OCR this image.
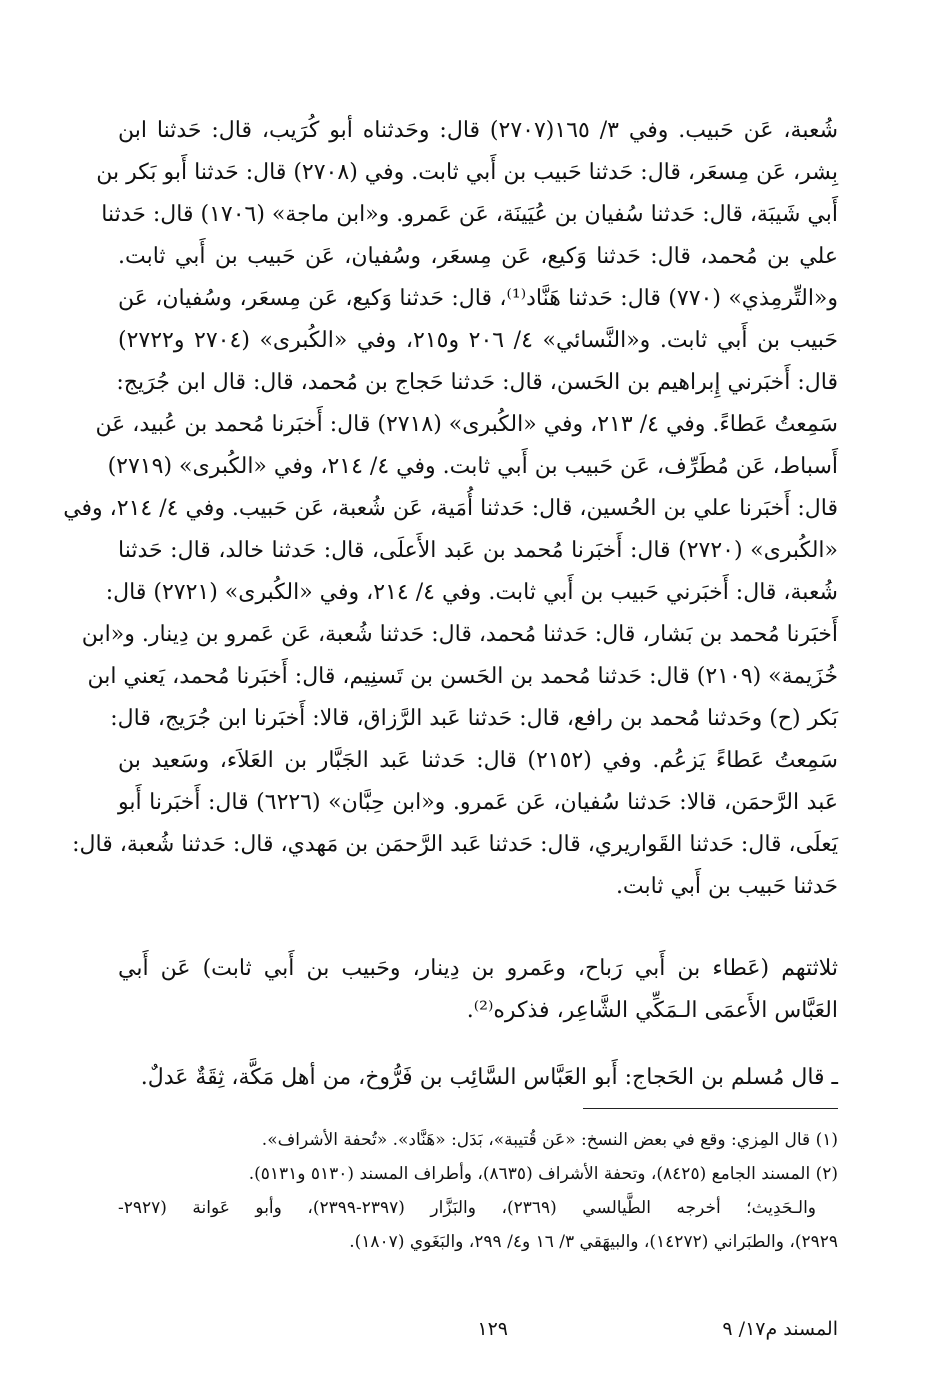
شُعبة، عَن حَبيب. وفي ٣/ ١٦٥(٢٧٠٧) قال: وحَدثناه أبو كُرَيب، قال: حَدثنا ابن
بِشر، عَن مِسعَر، قال: حَدثنا حَبيب بن أَبي ثابت. وفي (٢٧٠٨) قال: حَدثنا أَبو بَكر بن
أَبي شَيبَة، قال: حَدثنا سُفيان بن عُيَينَة، عَن عَمرو. و«ابن ماجة» (١٧٠٦) قال: حَدثنا
علي بن مُحمد، قال: حَدثنا وَكيع، عَن مِسعَر، وسُفيان، عَن حَبيب بن أَبي ثابت.
و«التِّرمِذي» (٧٧٠) قال: حَدثنا هَنَّاد⁽¹⁾، قال: حَدثنا وَكيع، عَن مِسعَر، وسُفيان، عَن
حَبيب بن أَبي ثابت. و«النَّسائي» ٤/ ٢٠٦ و٢١٥، وفي «الكُبرى» (٢٧٠٤ و٢٧٢٢)
قال: أَخبَرني إِبراهيم بن الحَسن، قال: حَدثنا حَجاج بن مُحمد، قال: قال ابن جُرَيج:
سَمِعتُ عَطاءً. وفي ٤/ ٢١٣، وفي «الكُبرى» (٢٧١٨) قال: أَخبَرنا مُحمد بن عُبيد، عَن
أَسباط، عَن مُطَرِّف، عَن حَبيب بن أَبي ثابت. وفي ٤/ ٢١٤، وفي «الكُبرى» (٢٧١٩)
قال: أَخبَرنا علي بن الحُسين، قال: حَدثنا أُمَية، عَن شُعبة، عَن حَبيب. وفي ٤/ ٢١٤، وفي
«الكُبرى» (٢٧٢٠) قال: أَخبَرنا مُحمد بن عَبد الأَعلَى، قال: حَدثنا خالد، قال: حَدثنا
شُعبة، قال: أَخبَرني حَبيب بن أَبي ثابت. وفي ٤/ ٢١٤، وفي «الكُبرى» (٢٧٢١) قال:
أَخبَرنا مُحمد بن بَشار، قال: حَدثنا مُحمد، قال: حَدثنا شُعبة، عَن عَمرو بن دِينار. و«ابن
خُزَيمة» (٢١٠٩) قال: حَدثنا مُحمد بن الحَسن بن تَسنِيم، قال: أَخبَرنا مُحمد، يَعني ابن
بَكر (ح) وحَدثنا مُحمد بن رافع، قال: حَدثنا عَبد الرَّزاق، قالا: أَخبَرنا ابن جُرَيج، قال:
سَمِعتُ عَطاءً يَزعُم. وفي (٢١٥٢) قال: حَدثنا عَبد الجَبَّار بن العَلاَء، وسَعيد بن
عَبد الرَّحمَن، قالا: حَدثنا سُفيان، عَن عَمرو. و«ابن حِبَّان» (٦٢٢٦) قال: أَخبَرنا أَبو
يَعلَى، قال: حَدثنا القَواريري، قال: حَدثنا عَبد الرَّحمَن بن مَهدي، قال: حَدثنا شُعبة، قال:
حَدثنا حَبيب بن أَبي ثابت.
ثلاثتهم (عَطاء بن أَبي رَباح، وعَمرو بن دِينار، وحَبيب بن أَبي ثابت) عَن أَبي
العَبَّاس الأَعمَى الـمَكِّي الشَّاعِر، فذكره⁽²⁾.
ـ قال مُسلم بن الحَجاج: أَبو العَبَّاس السَّائِب بن فَرُّوخ، من أهل مَكَّة، ثِقَةٌ عَدلٌ.
(١) قال المِزي: وقع في بعض النسخ: «عَن قُتيبة»، بَدَل: «هَنَّاد». «تُحفة الأشراف».
(٢) المسند الجامع (٨٤٢٥)، وتحفة الأشراف (٨٦٣٥)، وأطراف المسند (٥١٣٠ و٥١٣١).
والـحَدِيث؛ أخرجه الطَّيالسي (٢٣٦٩)، والبَزَّار (٢٣٩٧-٢٣٩٩)، وأبو عَوانة (٢٩٢٧-
٢٩٢٩)، والطبَراني (١٤٢٧٢)، والبيهَقي ٣/ ١٦ و٤/ ٢٩٩، والبَغَوي (١٨٠٧).
المسند م١٧/ ٩
١٢٩
